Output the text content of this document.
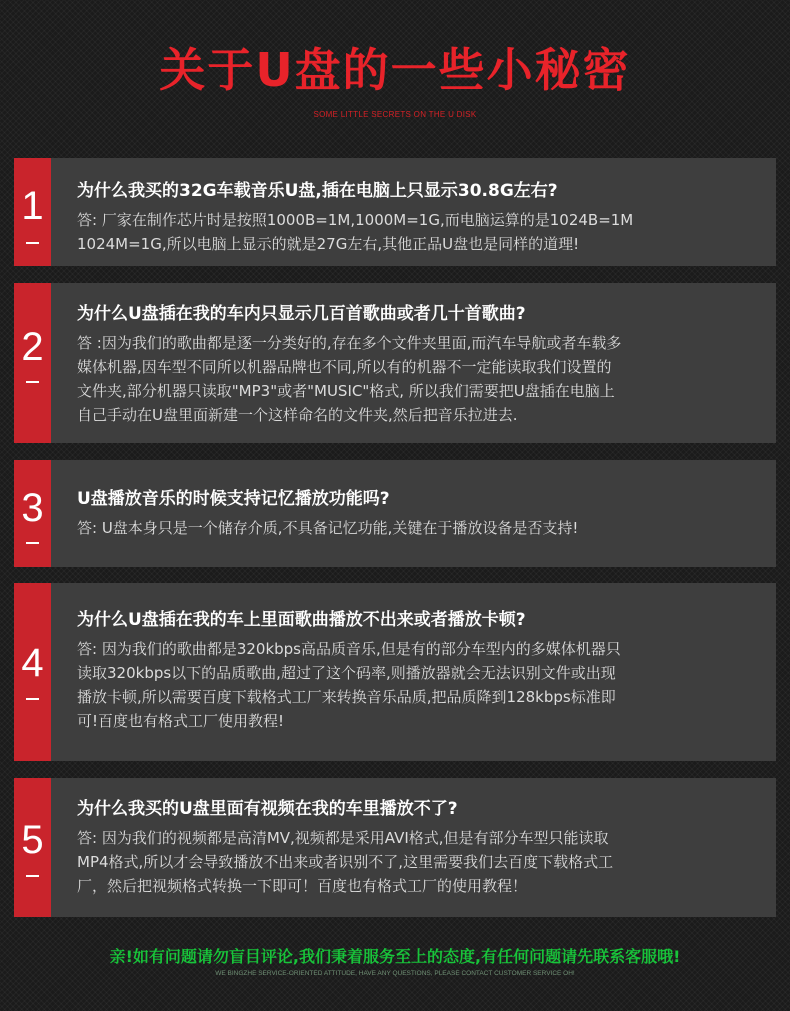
关于U盘的一些小秘密
SOME LITTLE SECRETS ON THE U DISK
1	为什么我买的32G车载音乐U盘,插在电脑上只显示30.8G左右?
答: 厂家在制作芯片时是按照1000B=1M,1000M=1G,而电脑运算的是1024B=1M
1024M=1G,所以电脑上显示的就是27G左右,其他正品U盘也是同样的道理!
2
为什么U盘插在我的车内只显示几百首歌曲或者几十首歌曲?
答 :因为我们的歌曲都是逐一分类好的,存在多个文件夹里面,而汽车导航或者车载多
媒体机器,因车型不同所以机器品牌也不同,所以有的机器不一定能读取我们设置的
文件夹,部分机器只读取"MP3"或者"MUSIC"格式, 所以我们需要把U盘插在电脑上
自己手动在U盘里面新建一个这样命名的文件夹,然后把音乐拉进去.
3	U盘播放音乐的时候支持记忆播放功能吗?
答: U盘本身只是一个储存介质,不具备记忆功能,关键在于播放设备是否支持!
4
为什么U盘插在我的车上里面歌曲播放不出来或者播放卡顿?
答: 因为我们的歌曲都是320kbps高品质音乐,但是有的部分车型内的多媒体机器只
读取320kbps以下的品质歌曲,超过了这个码率,则播放器就会无法识别文件或出现
播放卡顿,所以需要百度下载格式工厂来转换音乐品质,把品质降到128kbps标准即
可!百度也有格式工厂使用教程!
5
为什么我买的U盘里面有视频在我的车里播放不了?
答: 因为我们的视频都是高清MV,视频都是采用AVI格式,但是有部分车型只能读取
MP4格式,所以才会导致播放不出来或者识别不了,这里需要我们去百度下载格式工
厂，然后把视频格式转换一下即可！百度也有格式工厂的使用教程！
亲!如有问题请勿盲目评论,我们秉着服务至上的态度,有任何问题请先联系客服哦!
WE BINGZHE SERVICE-ORIENTED ATTITUDE, HAVE ANY QUESTIONS, PLEASE CONTACT CUSTOMER SERVICE OH!
